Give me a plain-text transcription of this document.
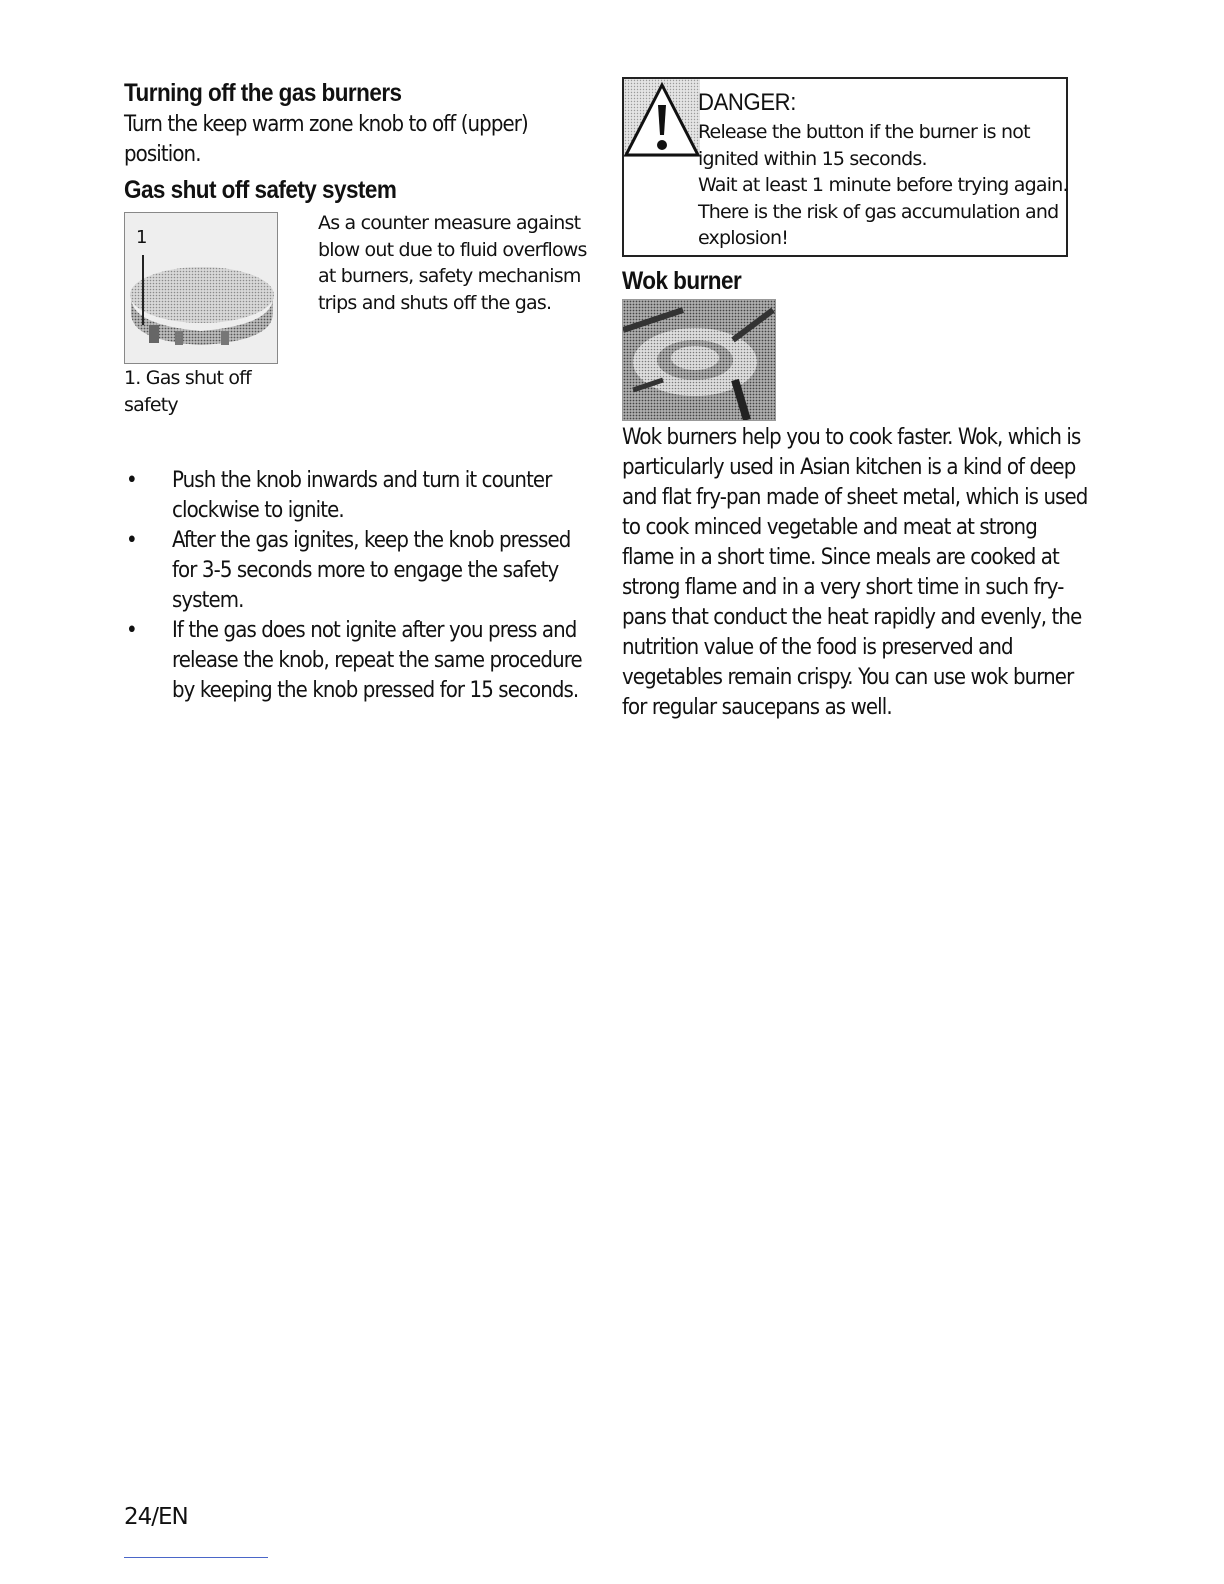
Turning off the gas burners

Turn the keep warm zone knob to off (upper) position.

Gas shut off safety system
1

1. Gas shut off safety

As a counter measure against blow out due to fluid overflows at burners, safety mechanism trips and shuts off the gas.

• Push the knob inwards and turn it counter clockwise to ignite.
• After the gas ignites, keep the knob pressed for 3-5 seconds more to engage the safety system.
• If the gas does not ignite after you press and release the knob, repeat the same procedure by keeping the knob pressed for 15 seconds.

DANGER:

Release the button if the burner is not

ignited within 15 seconds.

Wait at least 1 minute before trying again.

There is the risk of gas accumulation and

explosion!

Wok burner

Wok burners help you to cook faster. Wok, which is particularly used in Asian kitchen is a kind of deep and flat fry-pan made of sheet metal, which is used to cook minced vegetable and meat at strong flame in a short time. Since meals are cooked at strong flame and in a very short time in such fry-pans that conduct the heat rapidly and evenly, the nutrition value of the food is preserved and vegetables remain crispy. You can use wok burner for regular saucepans as well.

24/EN
